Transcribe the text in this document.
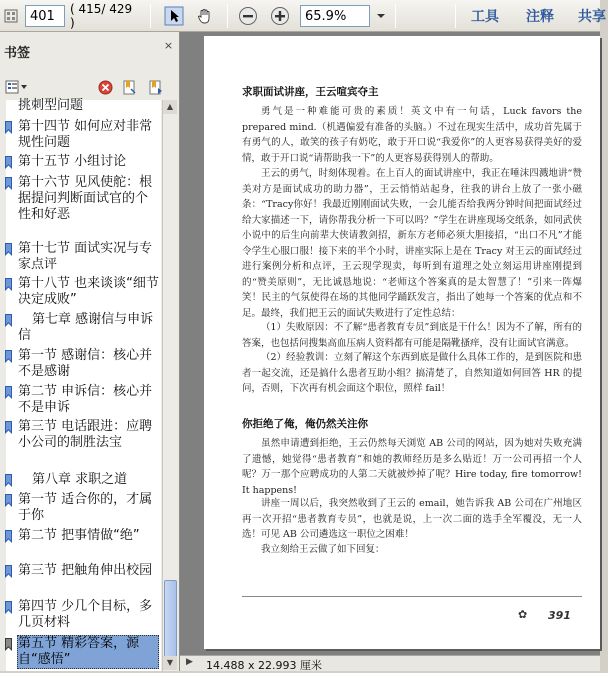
401	( 415/ 429 )	65.9%	工具	注释	共享
书签
×
挑刺型问题
第十四节 如何应对非常规性问题
第十五节 小组讨论
第十六节 见风使舵：根据提问判断面试官的个性和好恶
第十七节 面试实况与专家点评
第十八节 也来谈谈“细节决定成败”
第七章 感谢信与申诉信
第一节 感谢信：核心并不是感谢
第二节 申诉信：核心并不是申诉
第三节 电话跟进：应聘小公司的制胜法宝
第八章 求职之道
第一节 适合你的，才属于你
第二节 把事情做“绝”
第三节 把触角伸出校园
第四节 少几个目标，多几页材料
第五节 精彩答案，源自“感悟”
▲
▼
求职面试讲座，王云喧宾夺主
勇气是一种难能可贵的素质！英文中有一句话，Luck favors the prepared mind.（机遇偏爱有准备的头脑。）不过在现实生活中，成功首先属于有勇气的人，敢笑的孩子有奶吃，敢于开口说“我爱你”的人更容易获得美好的爱情，敢于开口说“请帮助我一下”的人更容易获得别人的帮助。
王云的勇气，时刻体现着。在上百人的面试讲座中，我正在唾沫四溅地讲“赞美对方是面试成功的助力器”，王云悄悄站起身，往我的讲台上放了一张小磁条：“Tracy你好！我最近刚刚面试失败，一会儿能否给我两分钟时间把面试经过给大家描述一下，请你帮我分析一下可以吗？”学生在讲座现场交纸条，如同武侠小说中的后生向前辈大侠请教剑招，新东方老师必须大胆接招，“出口不凡”才能令学生心服口服！接下来的半个小时，讲座实际上是在 Tracy 对王云的面试经过进行案例分析和点评，王云现学现卖，每听到有道理之处立刻运用讲座刚提到的“赞美原则”，无比诚恳地说：“老师这个答案真的是太智慧了！”引来一阵爆笑！民主的气氛使得在场的其他同学踊跃发言，指出了她每一个答案的优点和不足。最终，我们把王云的面试失败进行了定性总结：
（1）失败原因：不了解“患者教育专员”到底是干什么！因为不了解，所有的答案，也包括问搜集高血压病人资料都有可能是隔靴搔痒，没有让面试官满意。
（2）经验教训：立刻了解这个东西到底是做什么具体工作的，是到医院和患者一起交流，还是搞什么患者互助小组？搞清楚了，自然知道如何回答 HR 的提问，否则，下次再有机会面这个职位，照样 fail！
你拒绝了俺，俺仍然关注你
虽然申请遭到拒绝，王云仍然每天浏览 AB 公司的网站，因为她对失败充满了遗憾，她觉得“患者教育”和她的教师经历是多么贴近！万一公司再招一个人呢？万一那个应聘成功的人第二天就被炒掉了呢？Hire today, fire tomorrow! It happens!
讲座一周以后，我突然收到了王云的 email，她告诉我 AB 公司在广州地区再一次开招“患者教育专员”，也就是说，上一次二面的选手全军覆没，无一人选！可见 AB 公司遴选这一职位之困难！
我立刻给王云做了如下回复：
✿ 391
▶ 14.488 x 22.993 厘米
